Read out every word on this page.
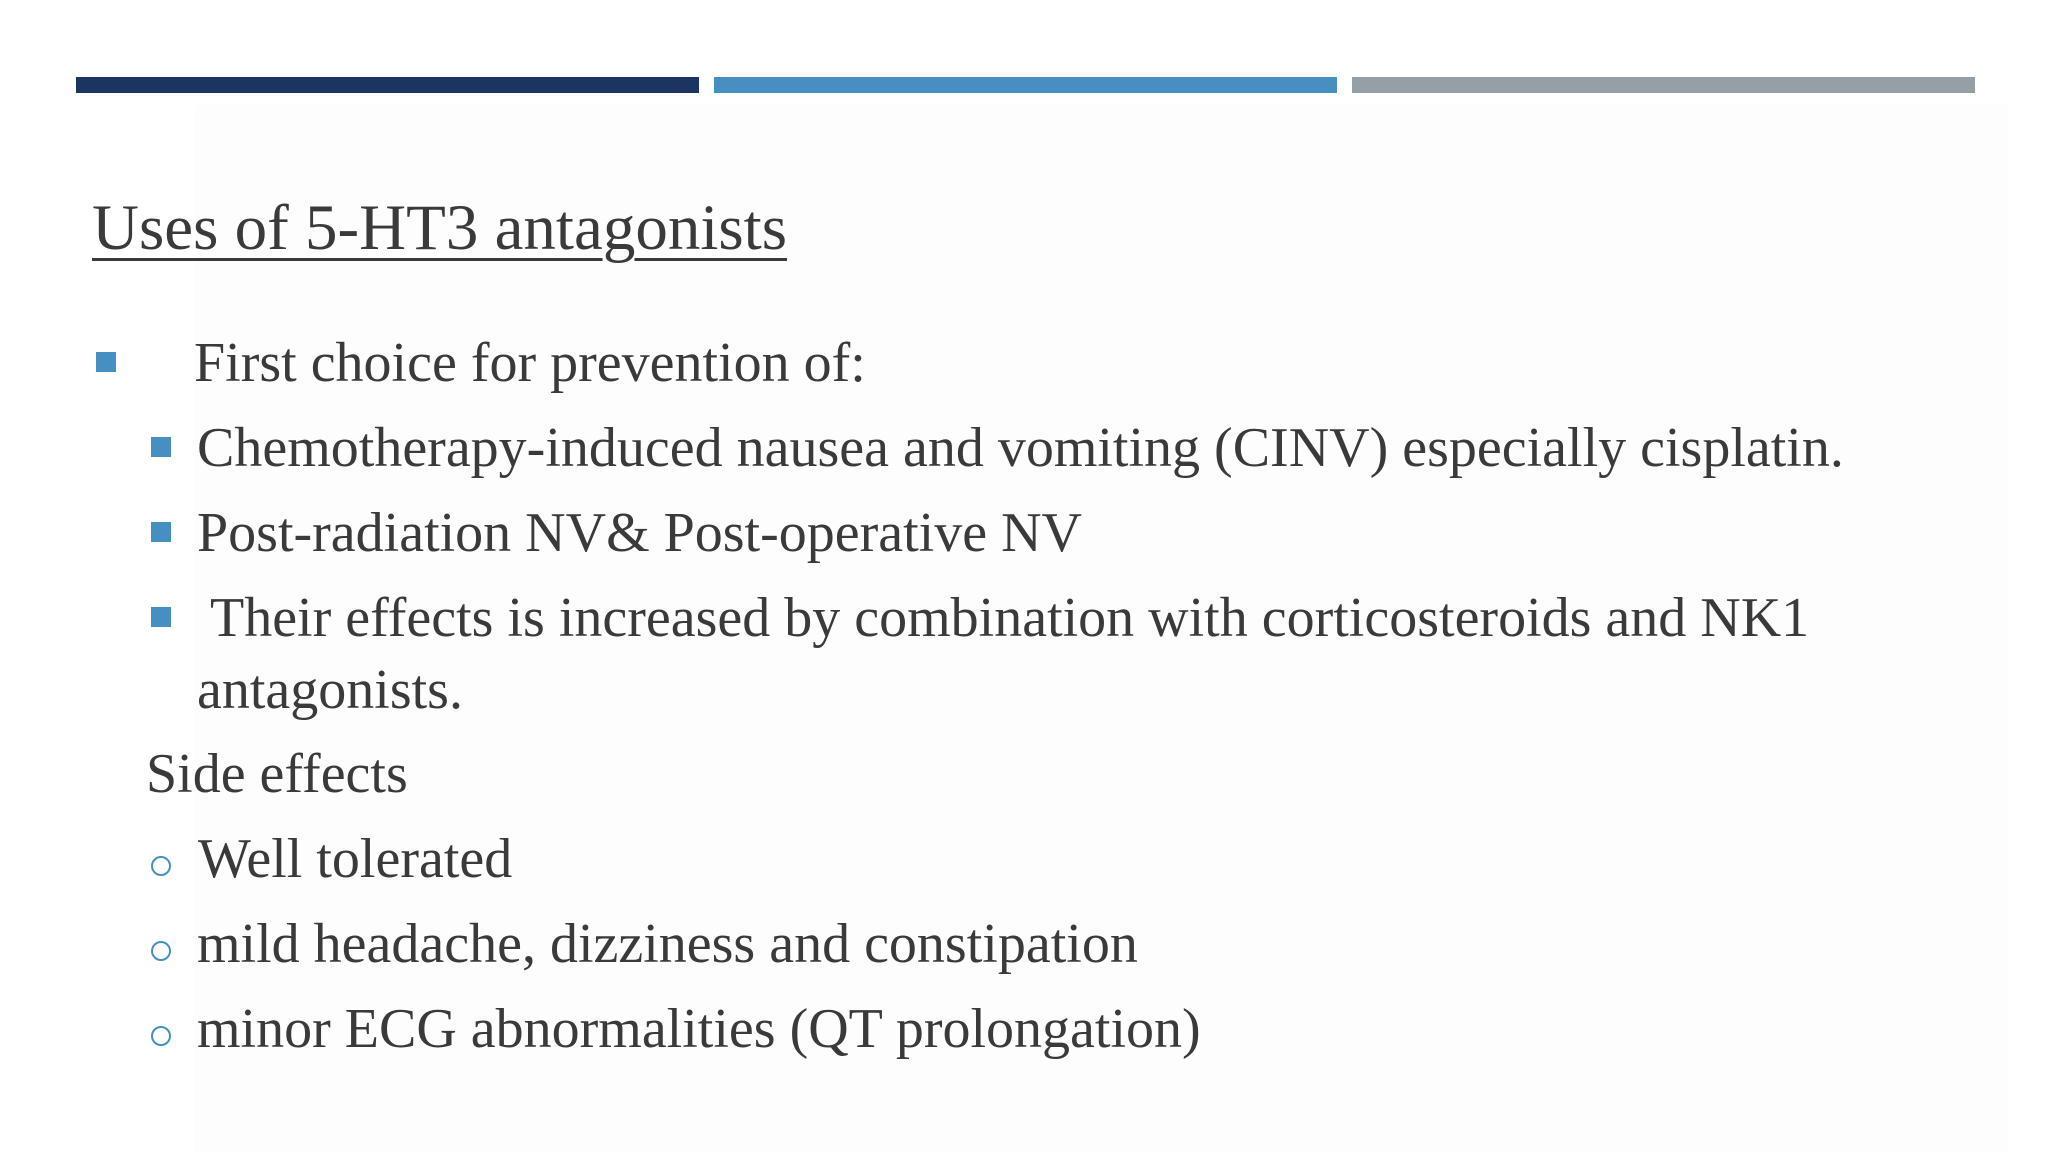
Uses of 5-HT3 antagonists
First choice for prevention of:
Chemotherapy-induced nausea and vomiting (CINV) especially cisplatin.
Post-radiation NV& Post-operative NV
Their effects is increased by combination with corticosteroids and NK1
antagonists.
Side effects
Well tolerated
mild headache, dizziness and constipation
minor ECG abnormalities (QT prolongation)
